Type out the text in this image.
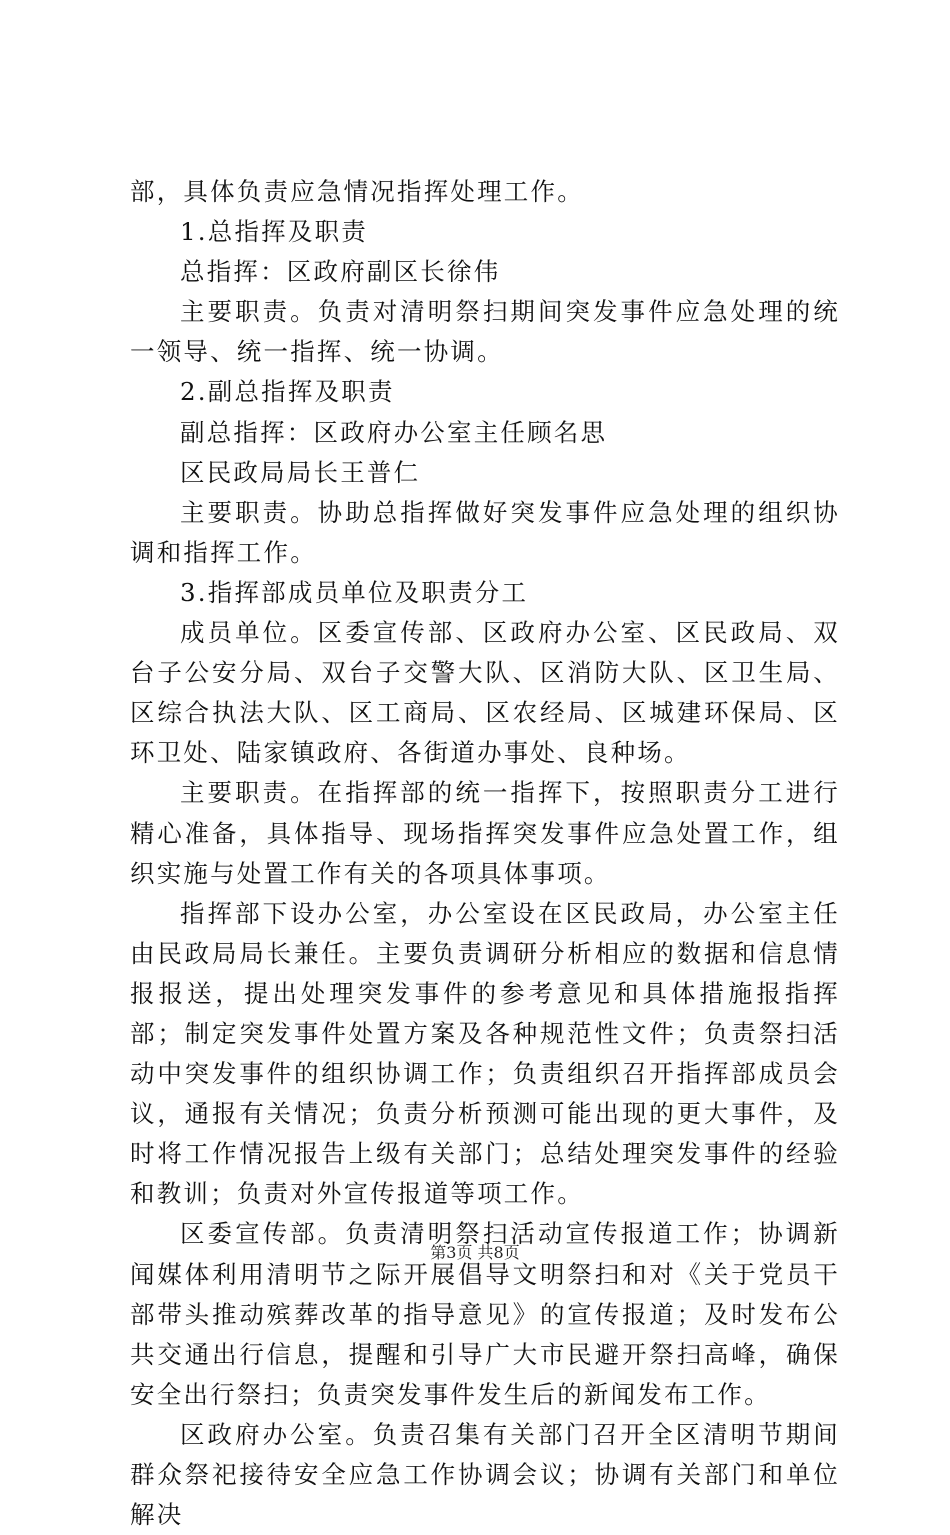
部，具体负责应急情况指挥处理工作。

1.总指挥及职责

总指挥：区政府副区长徐伟

主要职责。负责对清明祭扫期间突发事件应急处理的统一领导、统一指挥、统一协调。

2.副总指挥及职责

副总指挥：区政府办公室主任顾名思

区民政局局长王普仁

主要职责。协助总指挥做好突发事件应急处理的组织协调和指挥工作。

3.指挥部成员单位及职责分工

成员单位。区委宣传部、区政府办公室、区民政局、双台子公安分局、双台子交警大队、区消防大队、区卫生局、区综合执法大队、区工商局、区农经局、区城建环保局、区环卫处、陆家镇政府、各街道办事处、良种场。

主要职责。在指挥部的统一指挥下，按照职责分工进行精心准备，具体指导、现场指挥突发事件应急处置工作，组织实施与处置工作有关的各项具体事项。

指挥部下设办公室，办公室设在区民政局，办公室主任由民政局局长兼任。主要负责调研分析相应的数据和信息情报报送，提出处理突发事件的参考意见和具体措施报指挥部；制定突发事件处置方案及各种规范性文件；负责祭扫活动中突发事件的组织协调工作；负责组织召开指挥部成员会议，通报有关情况；负责分析预测可能出现的更大事件，及时将工作情况报告上级有关部门；总结处理突发事件的经验和教训；负责对外宣传报道等项工作。

区委宣传部。负责清明祭扫活动宣传报道工作；协调新闻媒体利用清明节之际开展倡导文明祭扫和对《关于党员干部带头推动殡葬改革的指导意见》的宣传报道；及时发布公共交通出行信息，提醒和引导广大市民避开祭扫高峰，确保安全出行祭扫；负责突发事件发生后的新闻发布工作。

区政府办公室。负责召集有关部门召开全区清明节期间群众祭祀接待安全应急工作协调会议；协调有关部门和单位解决

第3页 共8页
